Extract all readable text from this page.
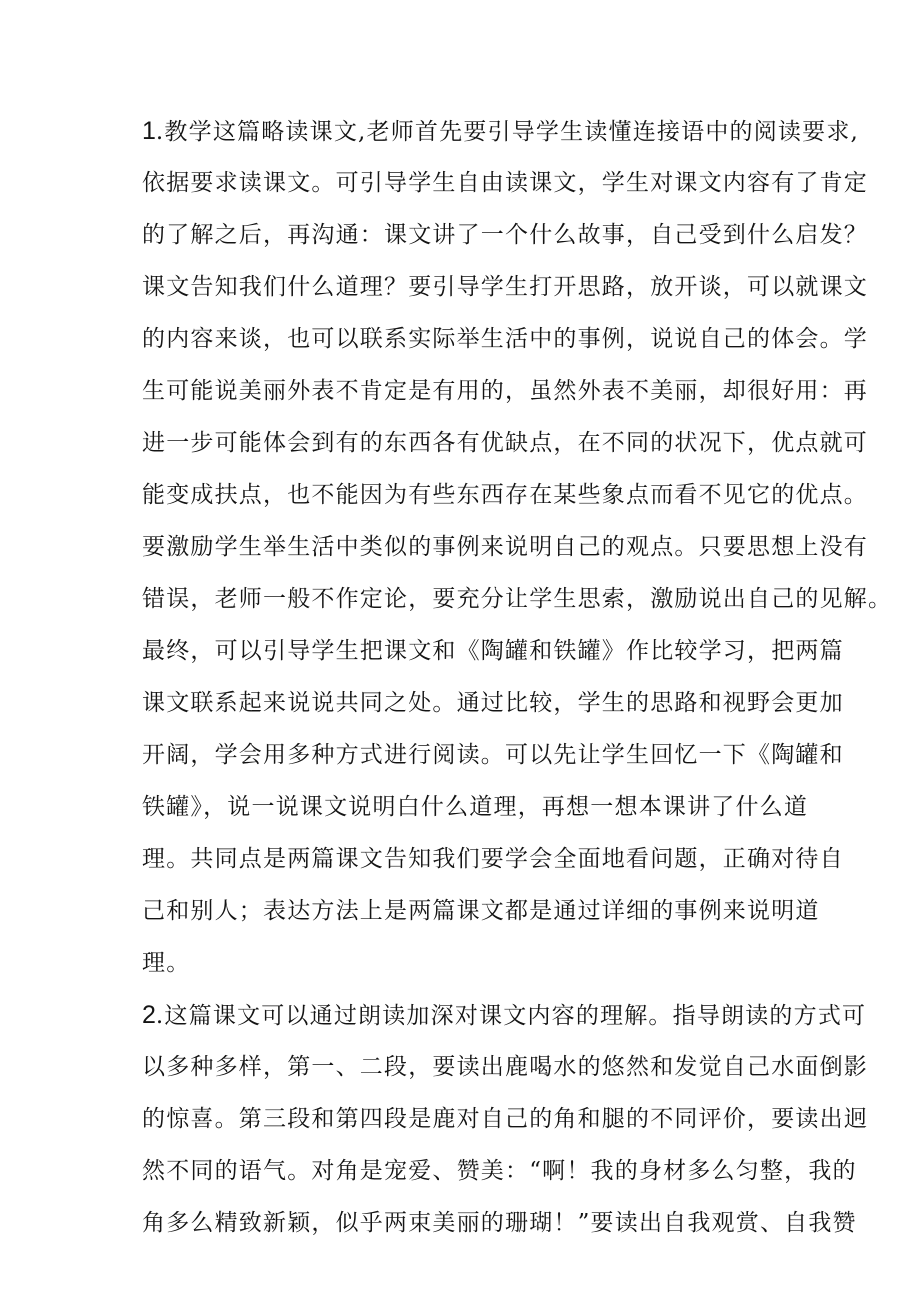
1.教学这篇略读课文,老师首先要引导学生读懂连接语中的阅读要求,
依据要求读课文。可引导学生自由读课文，学生对课文内容有了肯定
的了解之后，再沟通：课文讲了一个什么故事，自己受到什么启发？
课文告知我们什么道理？要引导学生打开思路，放开谈，可以就课文
的内容来谈，也可以联系实际举生活中的事例，说说自己的体会。学
生可能说美丽外表不肯定是有用的，虽然外表不美丽，却很好用：再
进一步可能体会到有的东西各有优缺点，在不同的状况下，优点就可
能变成扶点，也不能因为有些东西存在某些象点而看不见它的优点。
要激励学生举生活中类似的事例来说明自己的观点。只要思想上没有
错误，老师一般不作定论，要充分让学生思索，激励说出自己的见解。
最终，可以引导学生把课文和《陶罐和铁罐》作比较学习，把两篇
课文联系起来说说共同之处。通过比较，学生的思路和视野会更加
开阔，学会用多种方式进行阅读。可以先让学生回忆一下《陶罐和
铁罐》，说一说课文说明白什么道理，再想一想本课讲了什么道
理。共同点是两篇课文告知我们要学会全面地看问题，正确对待自
己和别人；表达方法上是两篇课文都是通过详细的事例来说明道
理。
2.这篇课文可以通过朗读加深对课文内容的理解。指导朗读的方式可
以多种多样，第一、二段，要读出鹿喝水的悠然和发觉自己水面倒影
的惊喜。第三段和第四段是鹿对自己的角和腿的不同评价，要读出迥
然不同的语气。对角是宠爱、赞美：“啊！我的身材多么匀整，我的
角多么精致新颖，似乎两束美丽的珊瑚！”要读出自我观赏、自我赞
